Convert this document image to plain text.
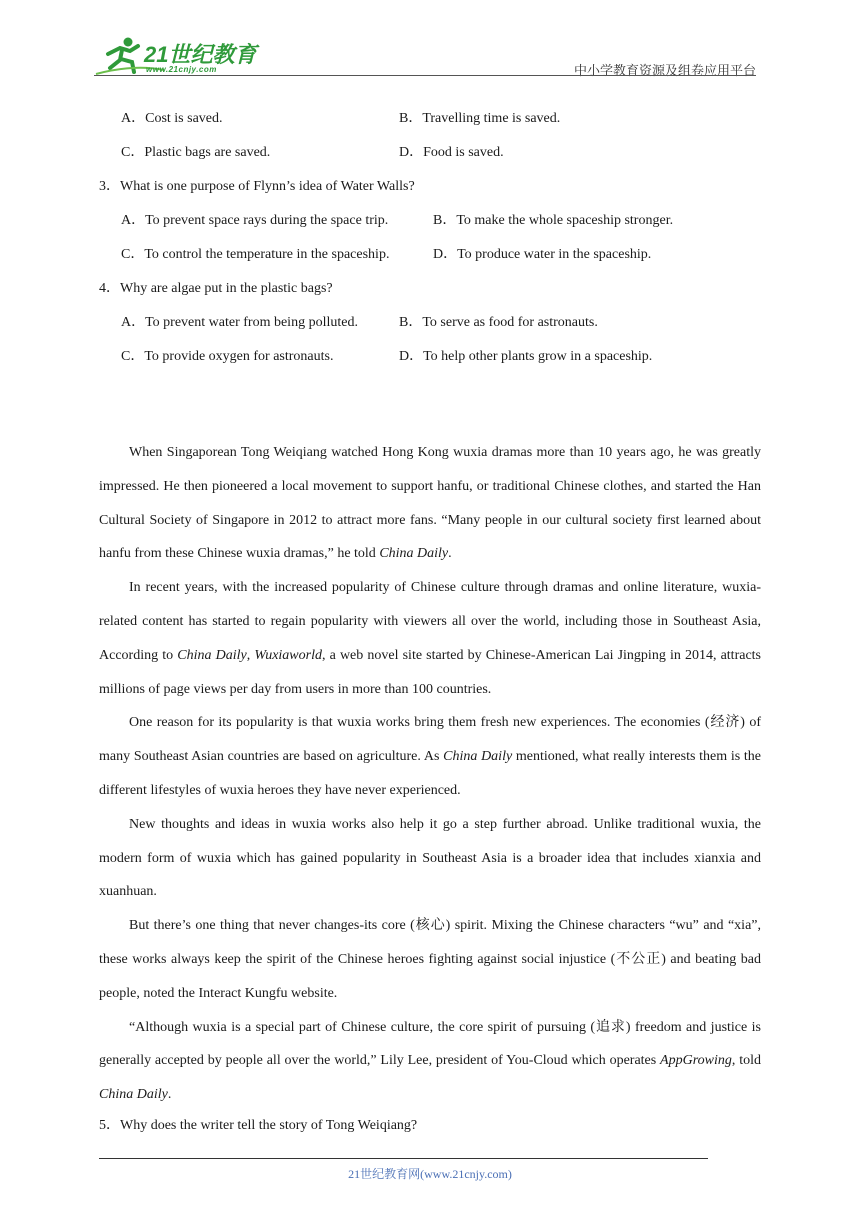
21世纪教育
www.21cnjy.com	中小学教育资源及组卷应用平台
A．Cost is saved.	B．Travelling time is saved.
C．Plastic bags are saved.	D．Food is saved.
3．What is one purpose of Flynn’s idea of Water Walls?
A．To prevent space rays during the space trip.	B．To make the whole spaceship stronger.
C．To control the temperature in the spaceship.	D．To produce water in the spaceship.
4．Why are algae put in the plastic bags?
A．To prevent water from being polluted.	B．To serve as food for astronauts.
C．To provide oxygen for astronauts.	D．To help other plants grow in a spaceship.

When Singaporean Tong Weiqiang watched Hong Kong wuxia dramas more than 10 years ago, he was greatly impressed. He then pioneered a local movement to support hanfu, or traditional Chinese clothes, and started the Han Cultural Society of Singapore in 2012 to attract more fans. “Many people in our cultural society first learned about hanfu from these Chinese wuxia dramas,” he told China Daily.

In recent years, with the increased popularity of Chinese culture through dramas and online literature, wuxia-related content has started to regain popularity with viewers all over the world, including those in Southeast Asia, According to China Daily, Wuxiaworld, a web novel site started by Chinese-American Lai Jingping in 2014, attracts millions of page views per day from users in more than 100 countries.

One reason for its popularity is that wuxia works bring them fresh new experiences. The economies (经济) of many Southeast Asian countries are based on agriculture. As China Daily mentioned, what really interests them is the different lifestyles of wuxia heroes they have never experienced.

New thoughts and ideas in wuxia works also help it go a step further abroad. Unlike traditional wuxia, the modern form of wuxia which has gained popularity in Southeast Asia is a broader idea that includes xianxia and xuanhuan.

But there’s one thing that never changes-its core (核心) spirit. Mixing the Chinese characters “wu” and “xia”, these works always keep the spirit of the Chinese heroes fighting against social injustice (不公正) and beating bad people, noted the Interact Kungfu website.

“Although wuxia is a special part of Chinese culture, the core spirit of pursuing (追求) freedom and justice is generally accepted by people all over the world,” Lily Lee, president of You-Cloud which operates AppGrowing, told China Daily.

5．Why does the writer tell the story of Tong Weiqiang?
21世纪教育网(www.21cnjy.com)
